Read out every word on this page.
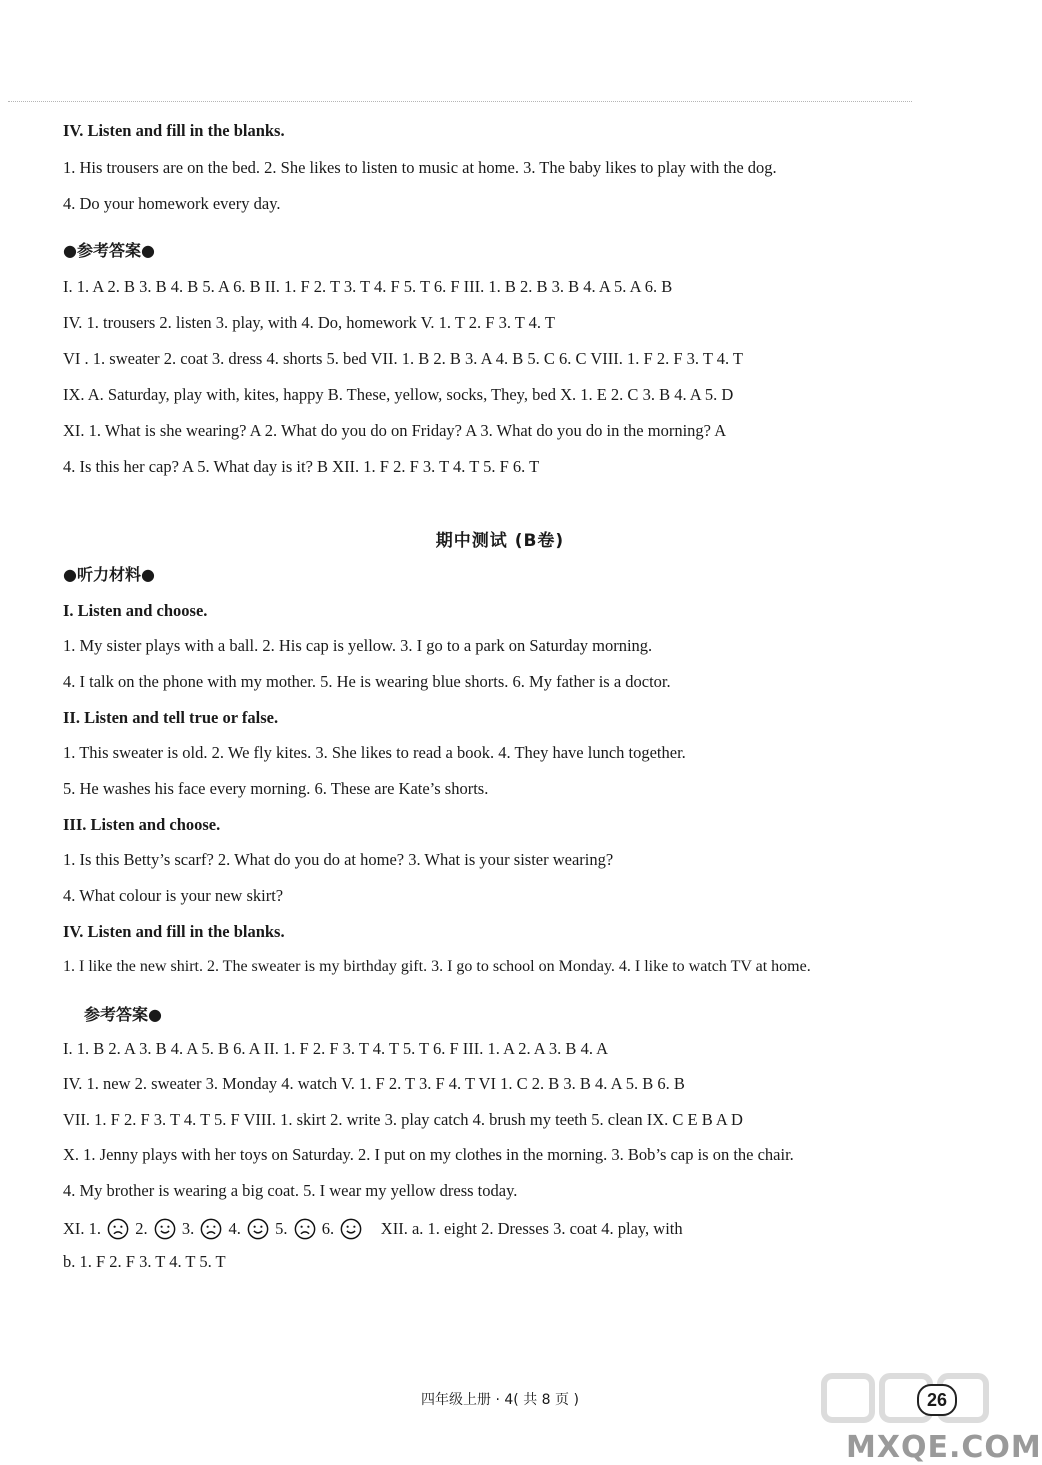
IV. Listen and fill in the blanks.
1. His trousers are on the bed. 2. She likes to listen to music at home. 3. The baby likes to play with the dog.
4. Do your homework every day.
●参考答案●
I. 1. A 2. B 3. B 4. B 5. A 6. B II. 1. F 2. T 3. T 4. F 5. T 6. F III. 1. B 2. B 3. B 4. A 5. A 6. B
IV. 1. trousers 2. listen 3. play, with 4. Do, homework V. 1. T 2. F 3. T 4. T
VI . 1. sweater 2. coat 3. dress 4. shorts 5. bed VII. 1. B 2. B 3. A 4. B 5. C 6. C VIII. 1. F 2. F 3. T 4. T
IX. A. Saturday, play with, kites, happy B. These, yellow, socks, They, bed X. 1. E 2. C 3. B 4. A 5. D
XI. 1. What is she wearing? A 2. What do you do on Friday? A 3. What do you do in the morning? A
4. Is this her cap? A 5. What day is it? B XII. 1. F 2. F 3. T 4. T 5. F 6. T
期中测试 (B卷)
●听力材料●
I. Listen and choose.
1. My sister plays with a ball. 2. His cap is yellow. 3. I go to a park on Saturday morning.
4. I talk on the phone with my mother. 5. He is wearing blue shorts. 6. My father is a doctor.
II. Listen and tell true or false.
1. This sweater is old. 2. We fly kites. 3. She likes to read a book. 4. They have lunch together.
5. He washes his face every morning. 6. These are Kate’s shorts.
III. Listen and choose.
1. Is this Betty’s scarf? 2. What do you do at home? 3. What is your sister wearing?
4. What colour is your new skirt?
IV. Listen and fill in the blanks.
1. I like the new shirt. 2. The sweater is my birthday gift. 3. I go to school on Monday. 4. I like to watch TV at home.
参考答案●
I. 1. B 2. A 3. B 4. A 5. B 6. A II. 1. F 2. F 3. T 4. T 5. T 6. F III. 1. A 2. A 3. B 4. A
IV. 1. new 2. sweater 3. Monday 4. watch V. 1. F 2. T 3. F 4. T VI 1. C 2. B 3. B 4. A 5. B 6. B
VII. 1. F 2. F 3. T 4. T 5. F VIII. 1. skirt 2. write 3. play catch 4. brush my teeth 5. clean IX. C E B A D
X. 1. Jenny plays with her toys on Saturday. 2. I put on my clothes in the morning. 3. Bob’s cap is on the chair.
4. My brother is wearing a big coat. 5. I wear my yellow dress today.
XI. 1. 2. 3. 4. 5. 6.	XII. a. 1. eight 2. Dresses 3. coat 4. play, with
b. 1. F 2. F 3. T 4. T 5. T
MXQE.COM
四年级上册 · 4( 共 8 页 )	26
